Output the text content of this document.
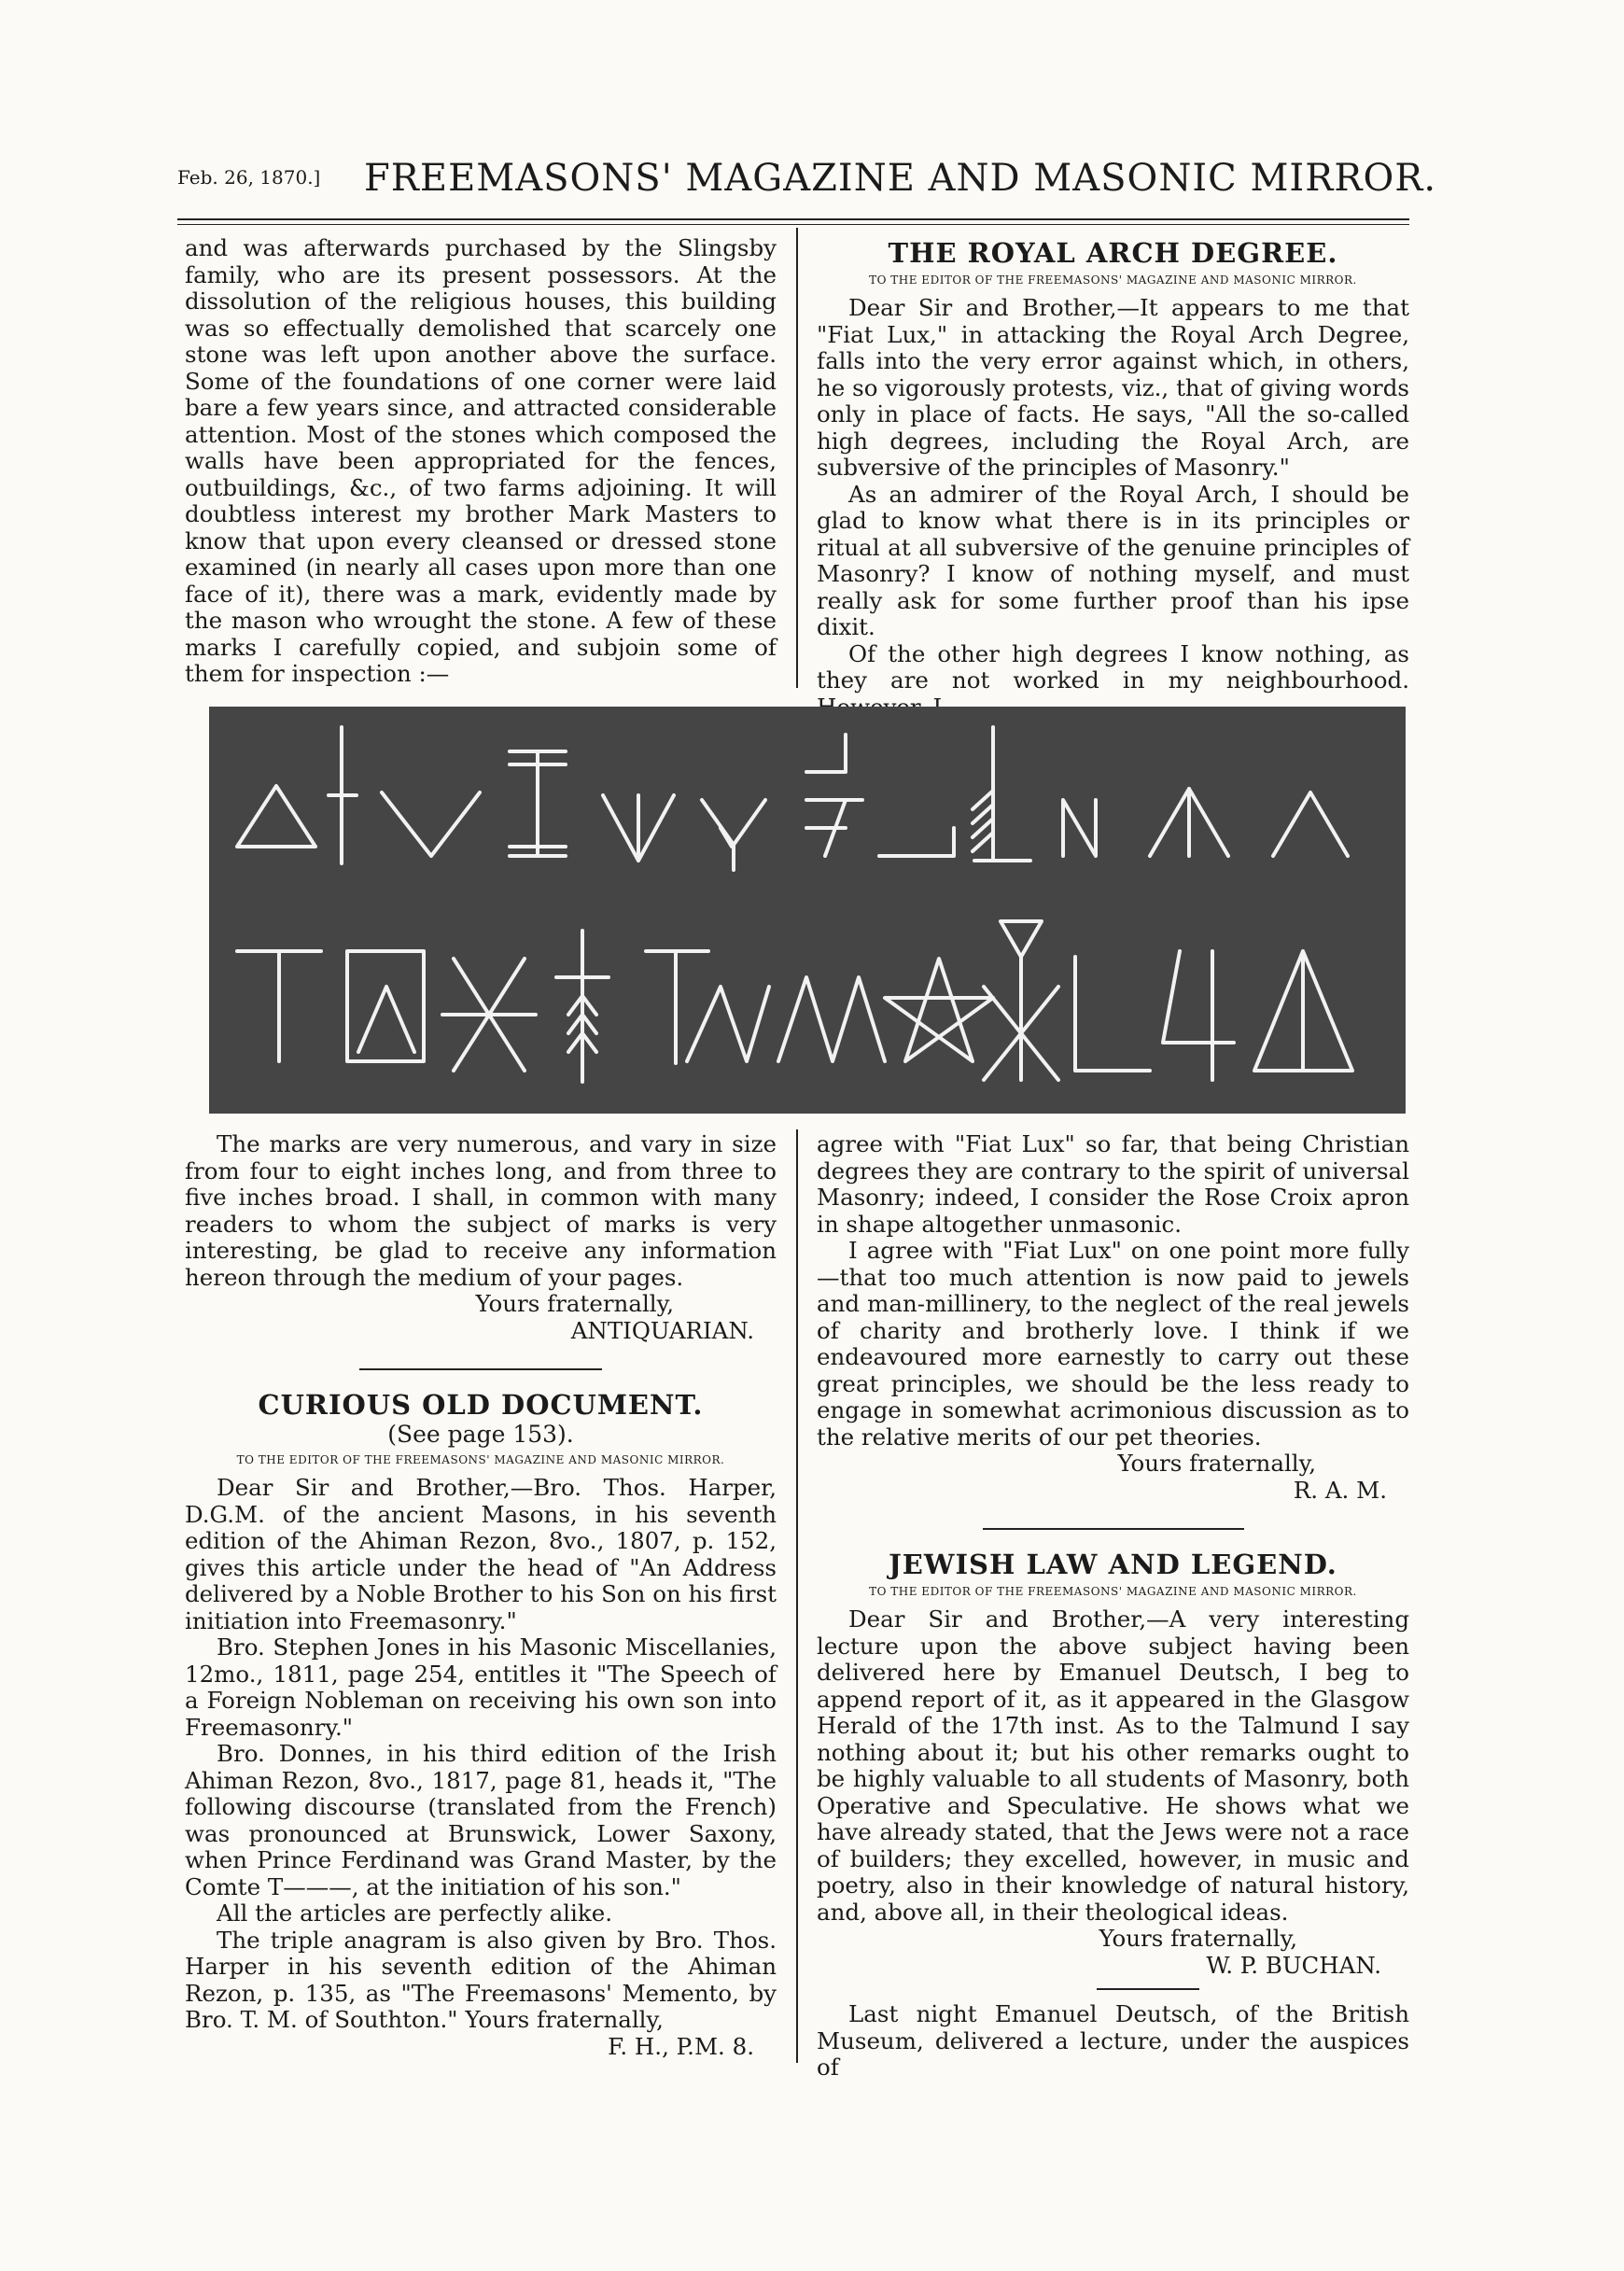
Feb. 26, 1870.] FREEMASONS' MAGAZINE AND MASONIC MIRROR.

and was afterwards purchased by the Slingsby family, who are its present possessors. At the dissolution of the religious houses, this building was so effectually demolished that scarcely one stone was left upon another above the surface. Some of the foundations of one corner were laid bare a few years since, and attracted considerable attention. Most of the stones which composed the walls have been appropriated for the fences, outbuildings, &c., of two farms adjoining. It will doubtless interest my brother Mark Masters to know that upon every cleansed or dressed stone examined (in nearly all cases upon more than one face of it), there was a mark, evidently made by the mason who wrought the stone. A few of these marks I carefully copied, and subjoin some of them for inspection :—

THE ROYAL ARCH DEGREE.
TO THE EDITOR OF THE FREEMASONS' MAGAZINE AND MASONIC MIRROR.

Dear Sir and Brother,—It appears to me that "Fiat Lux," in attacking the Royal Arch Degree, falls into the very error against which, in others, he so vigorously protests, viz., that of giving words only in place of facts. He says, "All the so-called high degrees, including the Royal Arch, are subversive of the principles of Masonry."

As an admirer of the Royal Arch, I should be glad to know what there is in its principles or ritual at all subversive of the genuine principles of Masonry? I know of nothing myself, and must really ask for some further proof than his ipse dixit.

Of the other high degrees I know nothing, as they are not worked in my neighbourhood.

The marks are very numerous, and vary in size from four to eight inches long, and from three to five inches broad. I shall, in common with many readers to whom the subject of marks is very interesting, be glad to receive any information hereon through the medium of your pages.

Yours fraternally,
ANTIQUARIAN.
CURIOUS OLD DOCUMENT.
(See page 153).
TO THE EDITOR OF THE FREEMASONS' MAGAZINE AND MASONIC MIRROR.

Dear Sir and Brother,—Bro. Thos. Harper, D.G.M. of the ancient Masons, in his seventh edition of the Ahiman Rezon, 8vo., 1807, p. 152, gives this article under the head of "An Address delivered by a Noble Brother to his Son on his first initiation into Freemasonry."

Bro. Stephen Jones in his Masonic Miscellanies, 12mo., 1811, page 254, entitles it "The Speech of a Foreign Nobleman on receiving his own son into Freemasonry."

Bro. Donnes, in his third edition of the Irish Ahiman Rezon, 8vo., 1817, page 81, heads it, "The following discourse (translated from the French) was pronounced at Brunswick, Lower Saxony, when Prince Ferdinand was Grand Master, by the Comte T———, at the initiation of his son."

All the articles are perfectly alike.

The triple anagram is also given by Bro. Thos. Harper in his seventh edition of the Ahiman Rezon, p. 135, as "The Freemasons' Memento, by Bro. T. M. of Southton." Yours fraternally,

F. H., P.M. 8.

agree with "Fiat Lux" so far, that being Christian degrees they are contrary to the spirit of universal Masonry; indeed, I consider the Rose Croix apron in shape altogether unmasonic.

I agree with "Fiat Lux" on one point more fully—that too much attention is now paid to jewels and man-millinery, to the neglect of the real jewels of charity and brotherly love. I think if we endeavoured more earnestly to carry out these great principles, we should be the less ready to engage in somewhat acrimonious discussion as to the relative merits of our pet theories.

Yours fraternally,
R. A. M.
JEWISH LAW AND LEGEND.
TO THE EDITOR OF THE FREEMASONS' MAGAZINE AND MASONIC MIRROR.

Dear Sir and Brother,—A very interesting lecture upon the above subject having been delivered here by Emanuel Deutsch, I beg to append report of it, as it appeared in the Glasgow Herald of the 17th inst. As to the Talmund I say nothing about it; but his other remarks ought to be highly valuable to all students of Masonry, both Operative and Speculative. He shows what we have already stated, that the Jews were not a race of builders; they excelled, however, in music and poetry, also in their knowledge of natural history, and, above all, in their theological ideas.

Yours fraternally,
W. P. BUCHAN.

Last night Emanuel Deutsch, of the British Museum, delivered a lecture, under the auspices of
